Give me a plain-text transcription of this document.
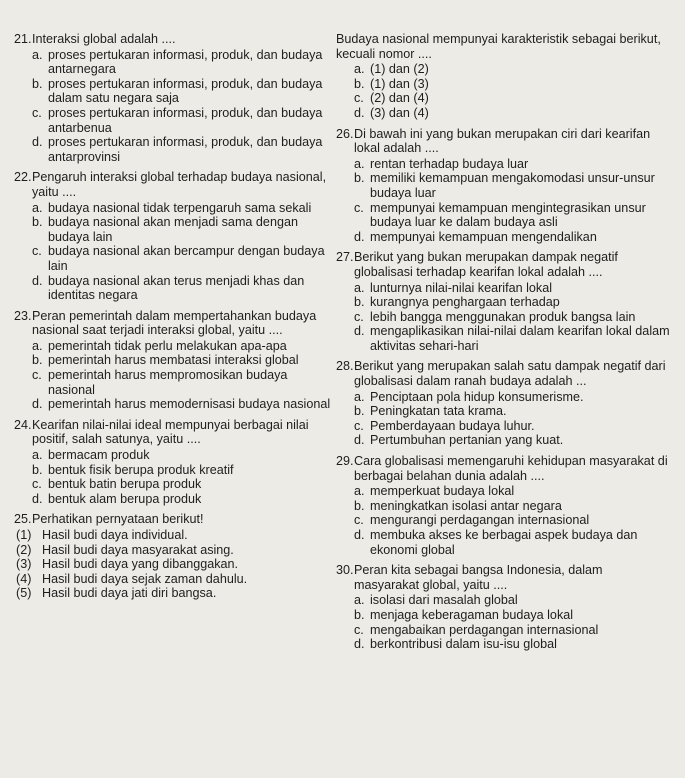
21. Interaksi global adalah ....
a. proses pertukaran informasi, produk, dan budaya antarnegara
b. proses pertukaran informasi, produk, dan budaya dalam satu negara saja
c. proses pertukaran informasi, produk, dan budaya antarbenua
d. proses pertukaran informasi, produk, dan budaya antarprovinsi
22. Pengaruh interaksi global terhadap budaya nasional, yaitu ....
a. budaya nasional tidak terpengaruh sama sekali
b. budaya nasional akan menjadi sama dengan budaya lain
c. budaya nasional akan bercampur dengan budaya lain
d. budaya nasional akan terus menjadi khas dan identitas negara
23. Peran pemerintah dalam mempertahankan budaya nasional saat terjadi interaksi global, yaitu ....
a. pemerintah tidak perlu melakukan apa-apa
b. pemerintah harus membatasi interaksi global
c. pemerintah harus mempromosikan budaya nasional
d. pemerintah harus memodernisasi budaya nasional
24. Kearifan nilai-nilai ideal mempunyai berbagai nilai positif, salah satunya, yaitu ....
a. bermacam produk
b. bentuk fisik berupa produk kreatif
c. bentuk batin berupa produk
d. bentuk alam berupa produk
25. Perhatikan pernyataan berikut!
(1) Hasil budi daya individual.
(2) Hasil budi daya masyarakat asing.
(3) Hasil budi daya yang dibanggakan.
(4) Hasil budi daya sejak zaman dahulu.
(5) Hasil budi daya jati diri bangsa.
Budaya nasional mempunyai karakteristik sebagai berikut, kecuali nomor ....
a. (1) dan (2)
b. (1) dan (3)
c. (2) dan (4)
d. (3) dan (4)
26. Di bawah ini yang bukan merupakan ciri dari kearifan lokal adalah ....
a. rentan terhadap budaya luar
b. memiliki kemampuan mengakomodasi unsur-unsur budaya luar
c. mempunyai kemampuan mengintegrasikan unsur budaya luar ke dalam budaya asli
d. mempunyai kemampuan mengendalikan
27. Berikut yang bukan merupakan dampak negatif globalisasi terhadap kearifan lokal adalah ....
a. lunturnya nilai-nilai kearifan lokal
b. kurangnya penghargaan terhadap
c. lebih bangga menggunakan produk bangsa lain
d. mengaplikasikan nilai-nilai dalam kearifan lokal dalam aktivitas sehari-hari
28. Berikut yang merupakan salah satu dampak negatif dari globalisasi dalam ranah budaya adalah ...
a. Penciptaan pola hidup konsumerisme.
b. Peningkatan tata krama.
c. Pemberdayaan budaya luhur.
d. Pertumbuhan pertanian yang kuat.
29. Cara globalisasi memengaruhi kehidupan masyarakat di berbagai belahan dunia adalah ....
a. memperkuat budaya lokal
b. meningkatkan isolasi antar negara
c. mengurangi perdagangan internasional
d. membuka akses ke berbagai aspek budaya dan ekonomi global
30. Peran kita sebagai bangsa Indonesia, dalam masyarakat global, yaitu ....
a. isolasi dari masalah global
b. menjaga keberagaman budaya lokal
c. mengabaikan perdagangan internasional
d. berkontribusi dalam isu-isu global
